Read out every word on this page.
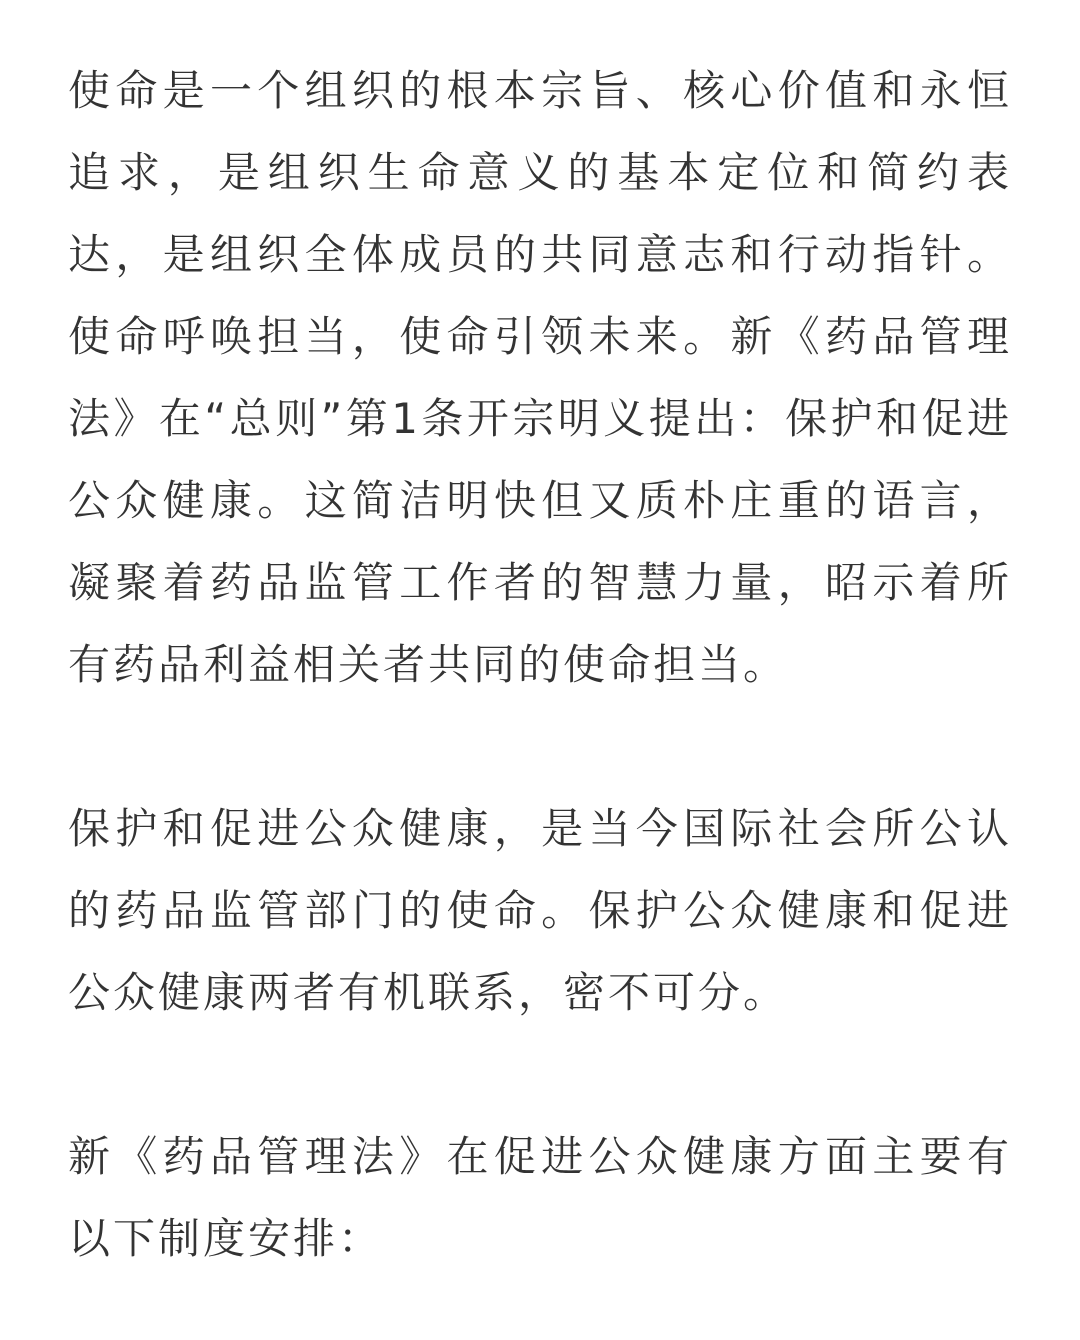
使命是一个组织的根本宗旨、核心价值和永恒追求，是组织生命意义的基本定位和简约表达，是组织全体成员的共同意志和行动指针。使命呼唤担当，使命引领未来。新《药品管理法》在“总则”第1条开宗明义提出：保护和促进公众健康。这简洁明快但又质朴庄重的语言，凝聚着药品监管工作者的智慧力量，昭示着所有药品利益相关者共同的使命担当。

保护和促进公众健康，是当今国际社会所公认的药品监管部门的使命。保护公众健康和促进公众健康两者有机联系，密不可分。

新《药品管理法》在促进公众健康方面主要有以下制度安排：
